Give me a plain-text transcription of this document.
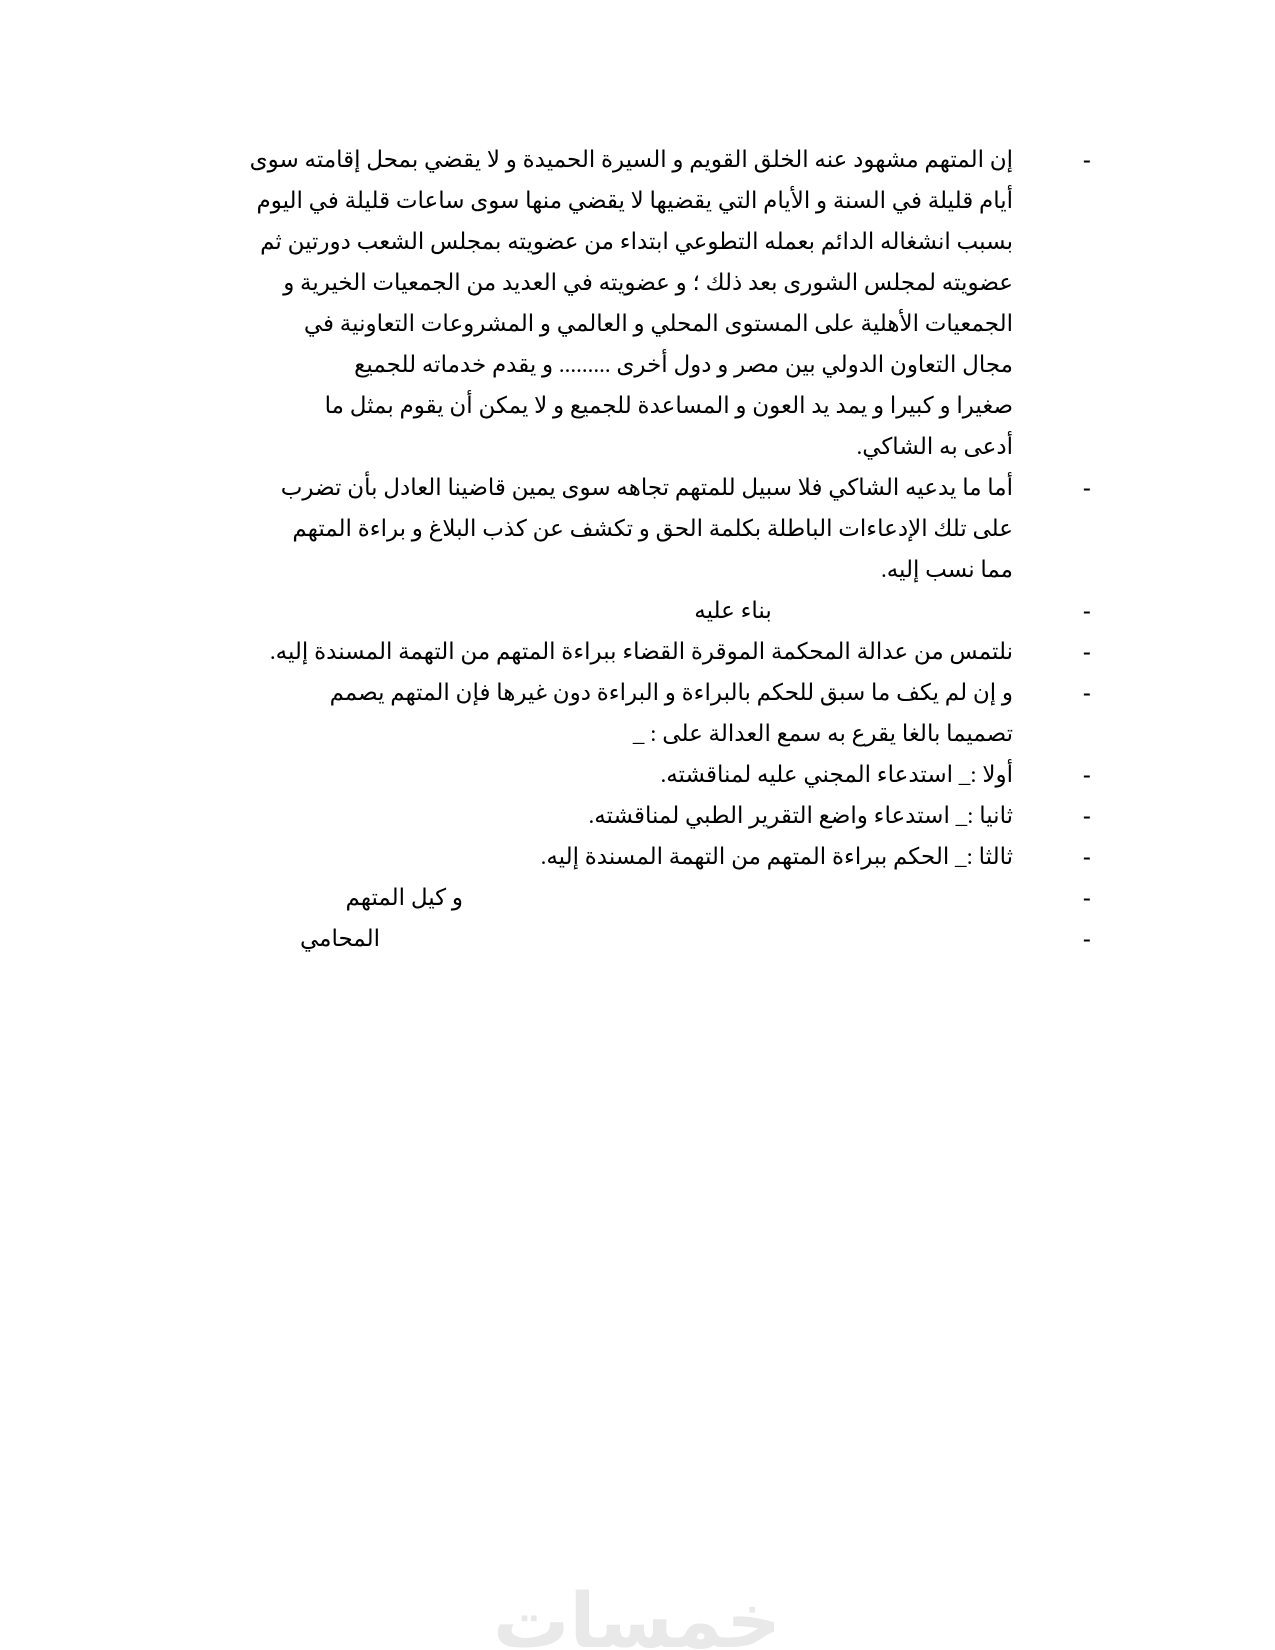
-
إن المتهم مشهود عنه الخلق القويم و السيرة الحميدة و لا يقضي بمحل إقامته سوى
أيام قليلة في السنة و الأيام التي يقضيها لا يقضي منها سوى ساعات قليلة في اليوم
بسبب انشغاله الدائم بعمله التطوعي ابتداء من عضويته بمجلس الشعب دورتين ثم
عضويته لمجلس الشورى بعد ذلك ؛ و عضويته في العديد من الجمعيات الخيرية و
الجمعيات الأهلية على المستوى المحلي و العالمي و المشروعات التعاونية في
مجال التعاون الدولي بين مصر و دول أخرى ......... و يقدم خدماته للجميع
صغيرا و كبيرا و يمد يد العون و المساعدة للجميع و لا يمكن أن يقوم بمثل ما
أدعى به الشاكي.
-
أما ما يدعيه الشاكي فلا سبيل للمتهم تجاهه سوى يمين قاضينا العادل بأن تضرب
على تلك الإدعاءات الباطلة بكلمة الحق و تكشف عن كذب البلاغ و براءة المتهم
مما نسب إليه.
-
بناء عليه
-
نلتمس من عدالة المحكمة الموقرة القضاء ببراءة المتهم من التهمة المسندة إليه.
-
و إن لم يكف ما سبق للحكم بالبراءة و البراءة دون غيرها فإن المتهم يصمم
تصميما بالغا يقرع به سمع العدالة على : _
-
أولا :_ استدعاء المجني عليه لمناقشته.
-
ثانيا :_ استدعاء واضع التقرير الطبي لمناقشته.
-
ثالثا :_ الحكم ببراءة المتهم من التهمة المسندة إليه.
-
و كيل المتهم
-
المحامي
خمسات
